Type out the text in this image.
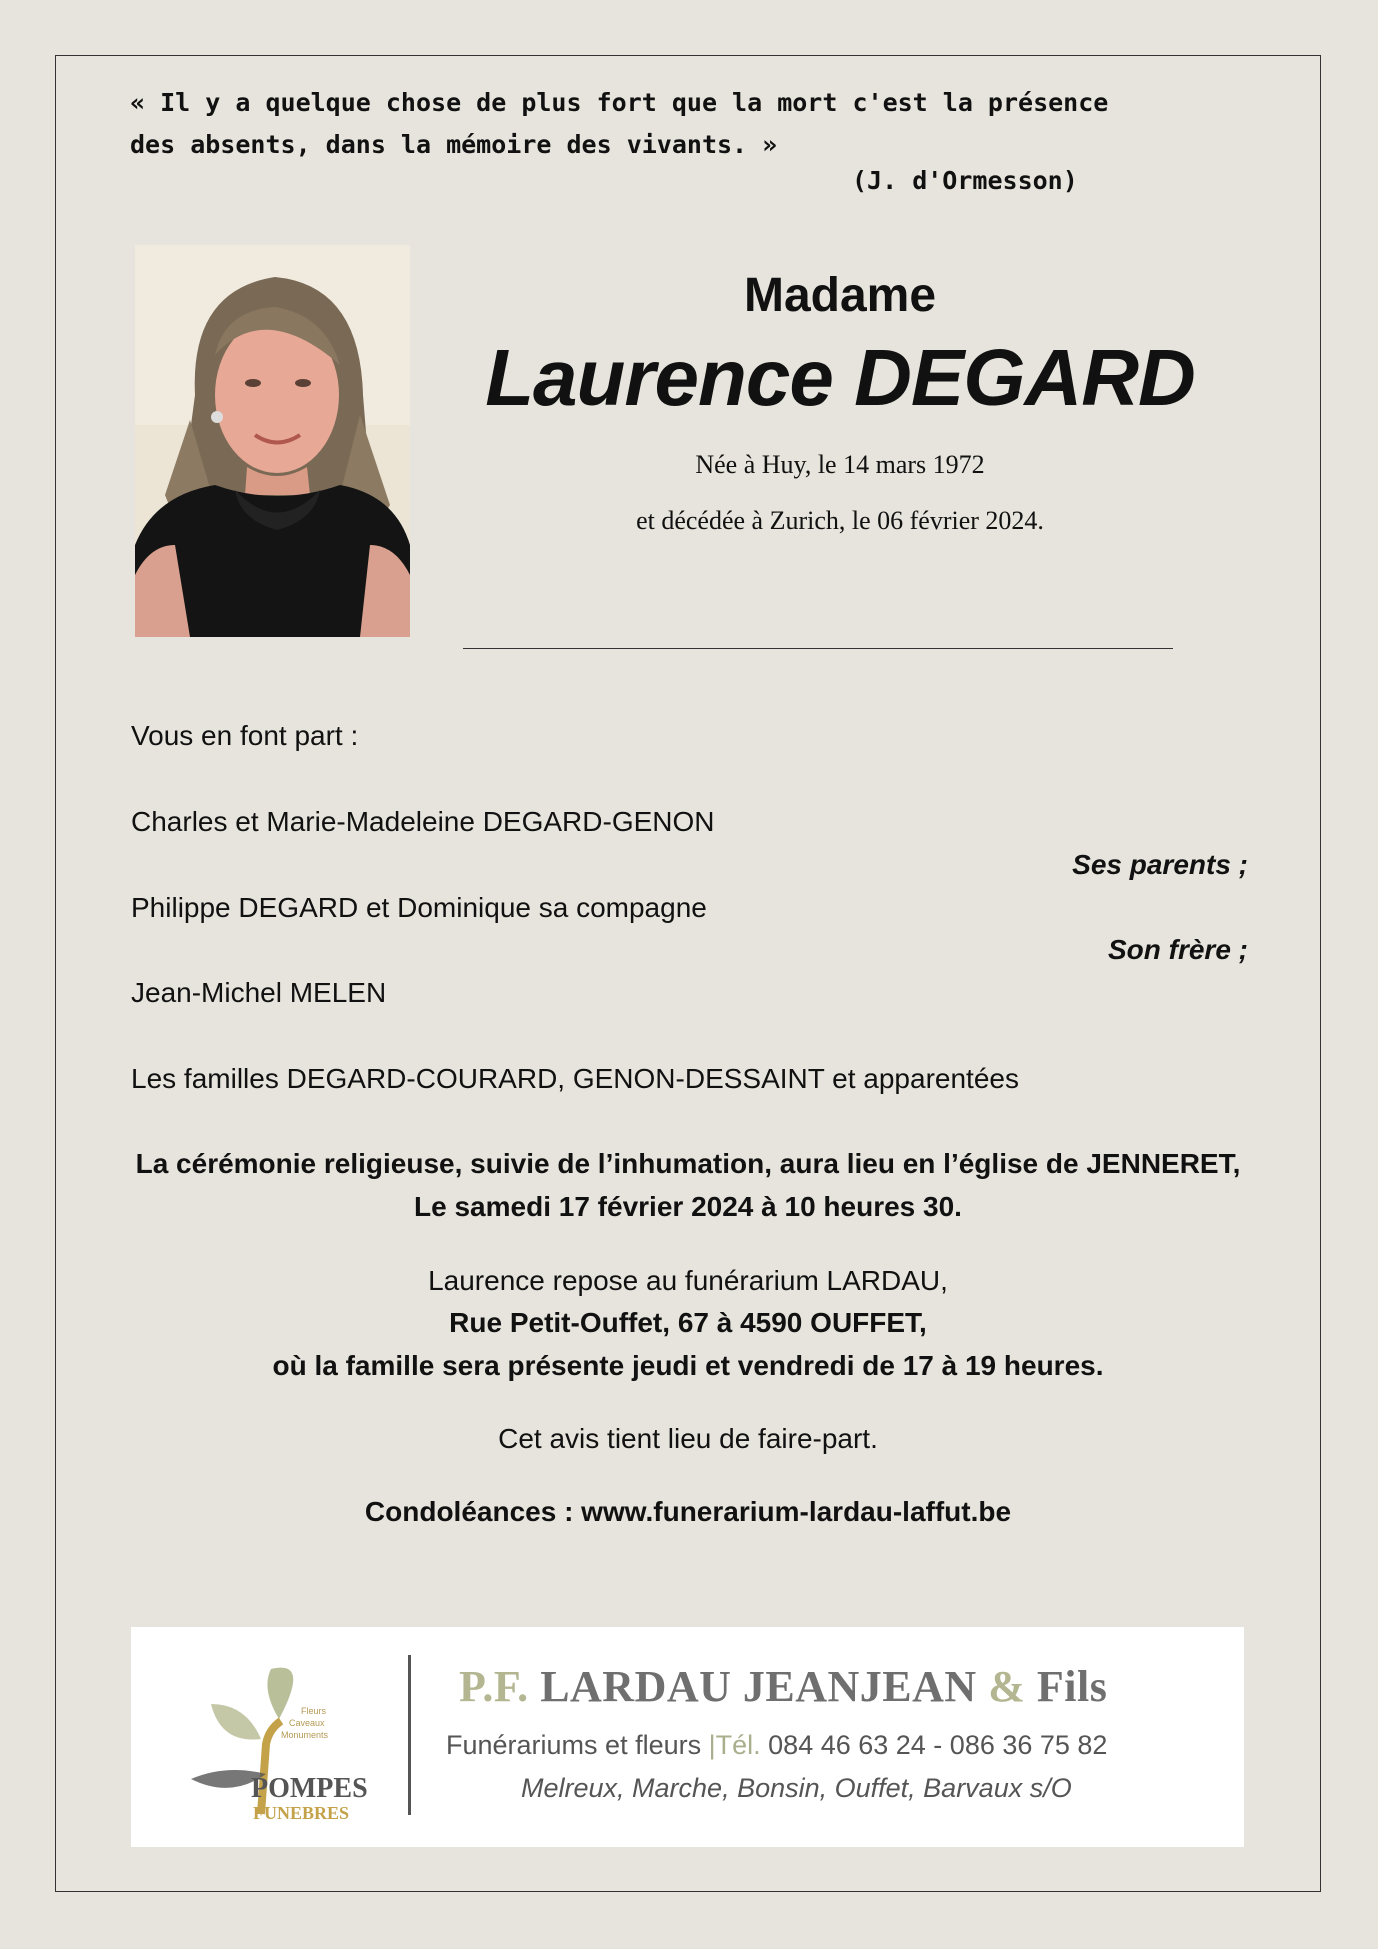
« Il y a quelque chose de plus fort que la mort c'est la présence
des absents, dans la mémoire des vivants. »
(J. d'Ormesson)
Madame
Laurence DEGARD
Née à Huy, le 14 mars 1972
et décédée à Zurich, le 06 février 2024.
Vous en font part :
Charles et Marie-Madeleine DEGARD-GENON
Ses parents ;
Philippe DEGARD et Dominique sa compagne
Son frère ;
Jean-Michel MELEN
Les familles DEGARD-COURARD, GENON-DESSAINT et apparentées
La cérémonie religieuse, suivie de l’inhumation, aura lieu en l’église de JENNERET,
Le samedi 17 février 2024 à 10 heures 30.
Laurence repose au funérarium LARDAU,
Rue Petit-Ouffet, 67 à 4590 OUFFET,
où la famille sera présente jeudi et vendredi de 17 à 19 heures.
Cet avis tient lieu de faire-part.
Condoléances : www.funerarium-lardau-laffut.be
Fleurs
Caveaux
Monuments
POMPES
FUNEBRES
P.F. LARDAU JEANJEAN & Fils
Funérariums et fleurs |Tél. 084 46 63 24 - 086 36 75 82
Melreux, Marche, Bonsin, Ouffet, Barvaux s/O
